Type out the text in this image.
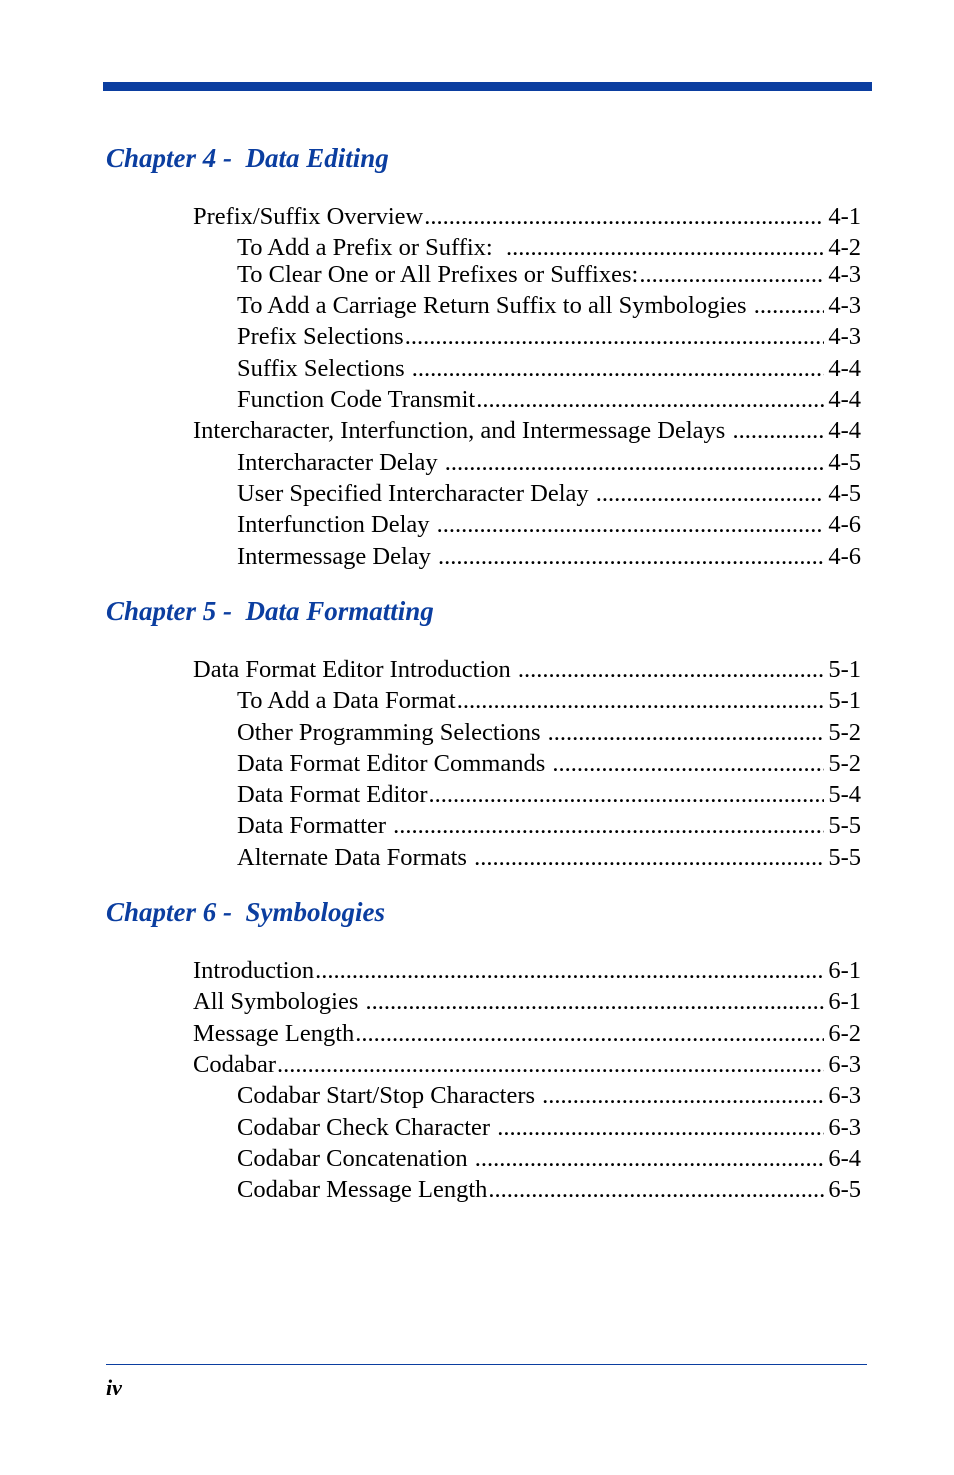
Chapter 4 -  Data Editing
Prefix/Suffix Overview .....	4-1
To Add a Prefix or Suffix: .....	4-2
To Clear One or All Prefixes or Suffixes: .....	4-3
To Add a Carriage Return Suffix to all Symbologies .....	4-3
Prefix Selections .....	4-3
Suffix Selections .....	4-4
Function Code Transmit .....	4-4
Intercharacter, Interfunction, and Intermessage Delays .....	4-4
Intercharacter Delay .....	4-5
User Specified Intercharacter Delay .....	4-5
Interfunction Delay .....	4-6
Intermessage Delay .....	4-6
Chapter 5 -  Data Formatting
Data Format Editor Introduction .....	5-1
To Add a Data Format .....	5-1
Other Programming Selections .....	5-2
Data Format Editor Commands .....	5-2
Data Format Editor .....	5-4
Data Formatter .....	5-5
Alternate Data Formats .....	5-5
Chapter 6 -  Symbologies
Introduction .....	6-1
All Symbologies .....	6-1
Message Length .....	6-2
Codabar .....	6-3
Codabar Start/Stop Characters .....	6-3
Codabar Check Character .....	6-3
Codabar Concatenation .....	6-4
Codabar Message Length .....	6-5
iv
